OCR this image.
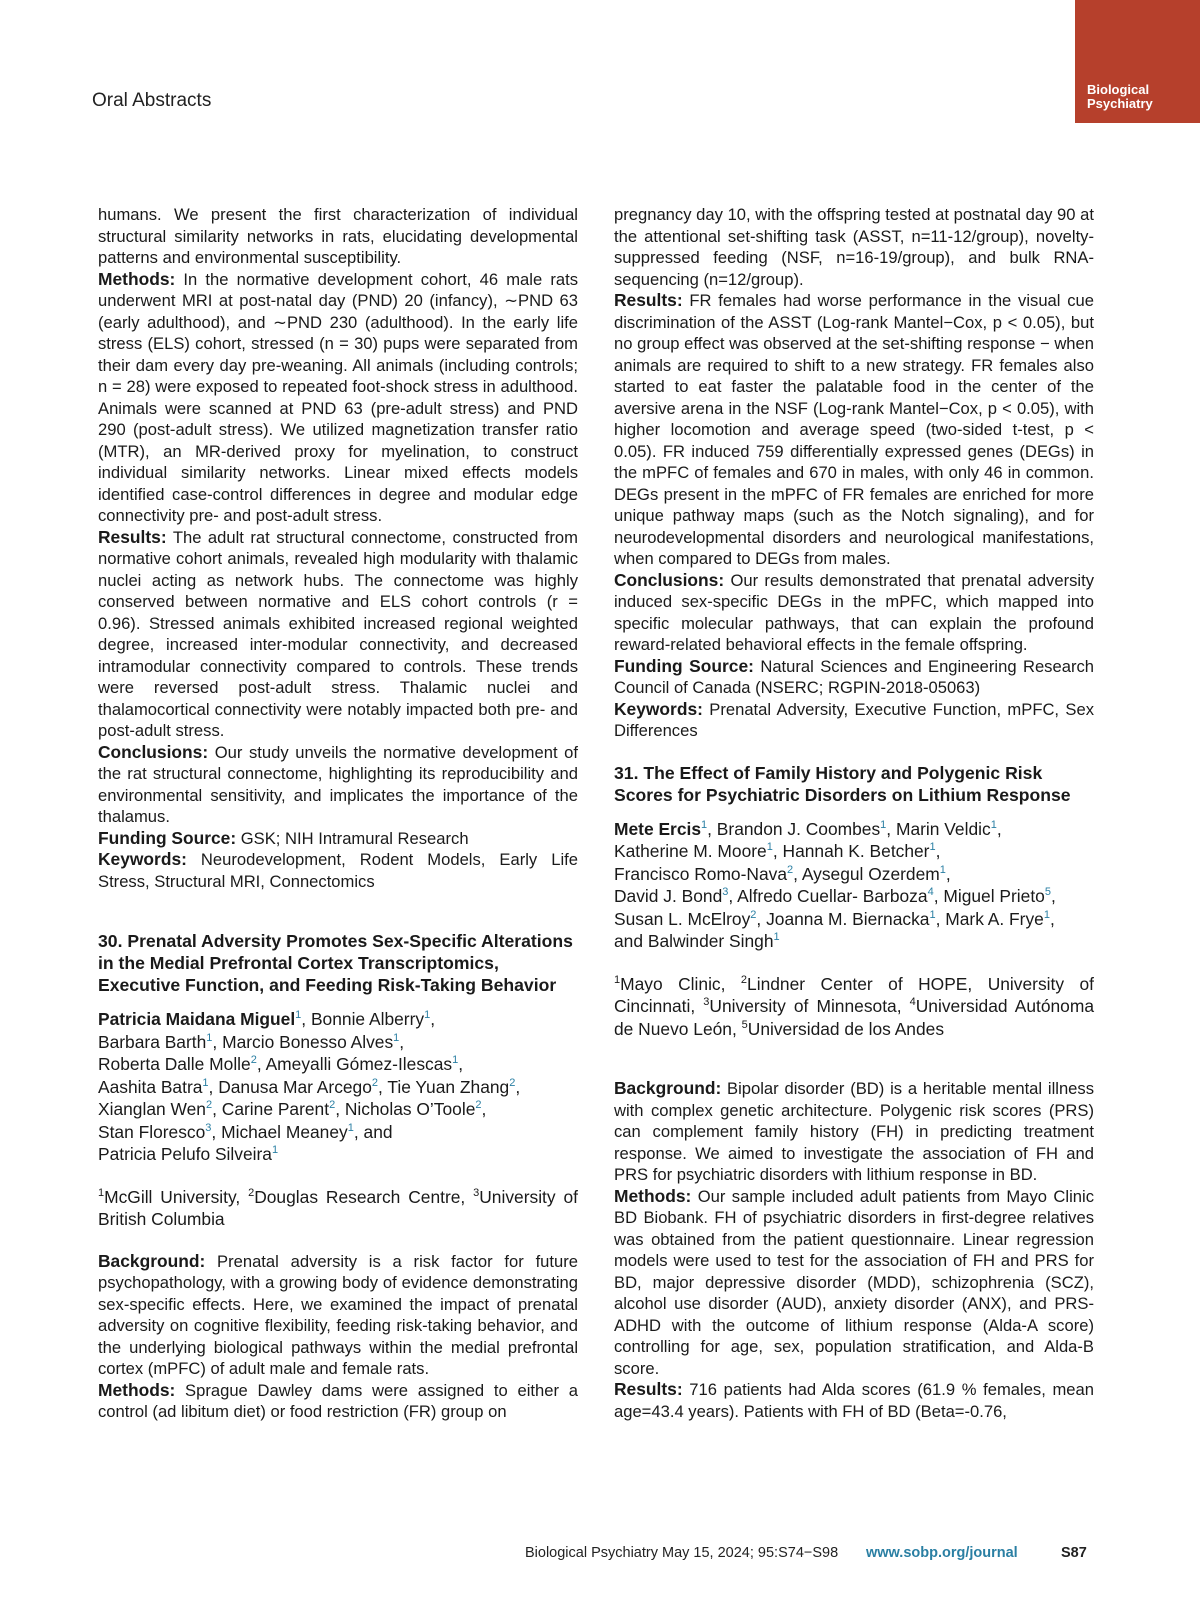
Oral Abstracts
Biological
Psychiatry

humans. We present the first characterization of individual structural similarity networks in rats, elucidating developmental patterns and environmental susceptibility.

Methods: In the normative development cohort, 46 male rats underwent MRI at post-natal day (PND) 20 (infancy), ∼PND 63 (early adulthood), and ∼PND 230 (adulthood). In the early life stress (ELS) cohort, stressed (n = 30) pups were separated from their dam every day pre-weaning. All animals (including controls; n = 28) were exposed to repeated foot-shock stress in adulthood. Animals were scanned at PND 63 (pre-adult stress) and PND 290 (post-adult stress). We utilized magnetization transfer ratio (MTR), an MR-derived proxy for myelination, to construct individual similarity networks. Linear mixed effects models identified case-control differences in degree and modular edge connectivity pre- and post-adult stress.

Results: The adult rat structural connectome, constructed from normative cohort animals, revealed high modularity with thalamic nuclei acting as network hubs. The connectome was highly conserved between normative and ELS cohort controls (r = 0.96). Stressed animals exhibited increased regional weighted degree, increased inter-modular connectivity, and decreased intramodular connectivity compared to controls. These trends were reversed post-adult stress. Thalamic nuclei and thalamocortical connectivity were notably impacted both pre- and post-adult stress.

Conclusions: Our study unveils the normative development of the rat structural connectome, highlighting its reproducibility and environmental sensitivity, and implicates the importance of the thalamus.

Funding Source: GSK; NIH Intramural Research

Keywords: Neurodevelopment, Rodent Models, Early Life Stress, Structural MRI, Connectomics

30. Prenatal Adversity Promotes Sex-Specific Alterations in the Medial Prefrontal Cortex Transcriptomics, Executive Function, and Feeding Risk-Taking Behavior

Patricia Maidana Miguel$^1$, Bonnie Alberry$^1$,
Barbara Barth$^1$, Marcio Bonesso Alves$^1$,
Roberta Dalle Molle$^2$, Ameyalli Gómez-Ilescas$^1$,
Aashita Batra$^1$, Danusa Mar Arcego$^2$, Tie Yuan Zhang$^2$,
Xianglan Wen$^2$, Carine Parent$^2$, Nicholas O’Toole$^2$,
Stan Floresco$^3$, Michael Meaney$^1$, and
Patricia Pelufo Silveira$^1$

$^1$McGill University, $^2$Douglas Research Centre, $^3$University of British Columbia

Background: Prenatal adversity is a risk factor for future psychopathology, with a growing body of evidence demonstrating sex-specific effects. Here, we examined the impact of prenatal adversity on cognitive flexibility, feeding risk-taking behavior, and the underlying biological pathways within the medial prefrontal cortex (mPFC) of adult male and female rats.

Methods: Sprague Dawley dams were assigned to either a control (ad libitum diet) or food restriction (FR) group on

pregnancy day 10, with the offspring tested at postnatal day 90 at the attentional set-shifting task (ASST, n=11-12/group), novelty-suppressed feeding (NSF, n=16-19/group), and bulk RNA-sequencing (n=12/group).

Results: FR females had worse performance in the visual cue discrimination of the ASST (Log-rank Mantel−Cox, p < 0.05), but no group effect was observed at the set-shifting response − when animals are required to shift to a new strategy. FR females also started to eat faster the palatable food in the center of the aversive arena in the NSF (Log-rank Mantel−Cox, p < 0.05), with higher locomotion and average speed (two-sided t-test, p < 0.05). FR induced 759 differentially expressed genes (DEGs) in the mPFC of females and 670 in males, with only 46 in common. DEGs present in the mPFC of FR females are enriched for more unique pathway maps (such as the Notch signaling), and for neurodevelopmental disorders and neurological manifestations, when compared to DEGs from males.

Conclusions: Our results demonstrated that prenatal adversity induced sex-specific DEGs in the mPFC, which mapped into specific molecular pathways, that can explain the profound reward-related behavioral effects in the female offspring.

Funding Source: Natural Sciences and Engineering Research Council of Canada (NSERC; RGPIN-2018-05063)

Keywords: Prenatal Adversity, Executive Function, mPFC, Sex Differences

31. The Effect of Family History and Polygenic Risk Scores for Psychiatric Disorders on Lithium Response

Mete Ercis$^1$, Brandon J. Coombes$^1$, Marin Veldic$^1$,
Katherine M. Moore$^1$, Hannah K. Betcher$^1$,
Francisco Romo-Nava$^2$, Aysegul Ozerdem$^1$,
David J. Bond$^3$, Alfredo Cuellar- Barboza$^4$, Miguel Prieto$^5$,
Susan L. McElroy$^2$, Joanna M. Biernacka$^1$, Mark A. Frye$^1$,
and Balwinder Singh$^1$

$^1$Mayo Clinic, $^2$Lindner Center of HOPE, University of Cincinnati, $^3$University of Minnesota, $^4$Universidad Autónoma de Nuevo León, $^5$Universidad de los Andes

Background: Bipolar disorder (BD) is a heritable mental illness with complex genetic architecture. Polygenic risk scores (PRS) can complement family history (FH) in predicting treatment response. We aimed to investigate the association of FH and PRS for psychiatric disorders with lithium response in BD.

Methods: Our sample included adult patients from Mayo Clinic BD Biobank. FH of psychiatric disorders in first-degree relatives was obtained from the patient questionnaire. Linear regression models were used to test for the association of FH and PRS for BD, major depressive disorder (MDD), schizophrenia (SCZ), alcohol use disorder (AUD), anxiety disorder (ANX), and PRS-ADHD with the outcome of lithium response (Alda-A score) controlling for age, sex, population stratification, and Alda-B score.

Results: 716 patients had Alda scores (61.9 % females, mean age=43.4 years). Patients with FH of BD (Beta=-0.76,

Biological Psychiatry May 15, 2024; 95:S74−S98 www.sobp.org/journal	S87
